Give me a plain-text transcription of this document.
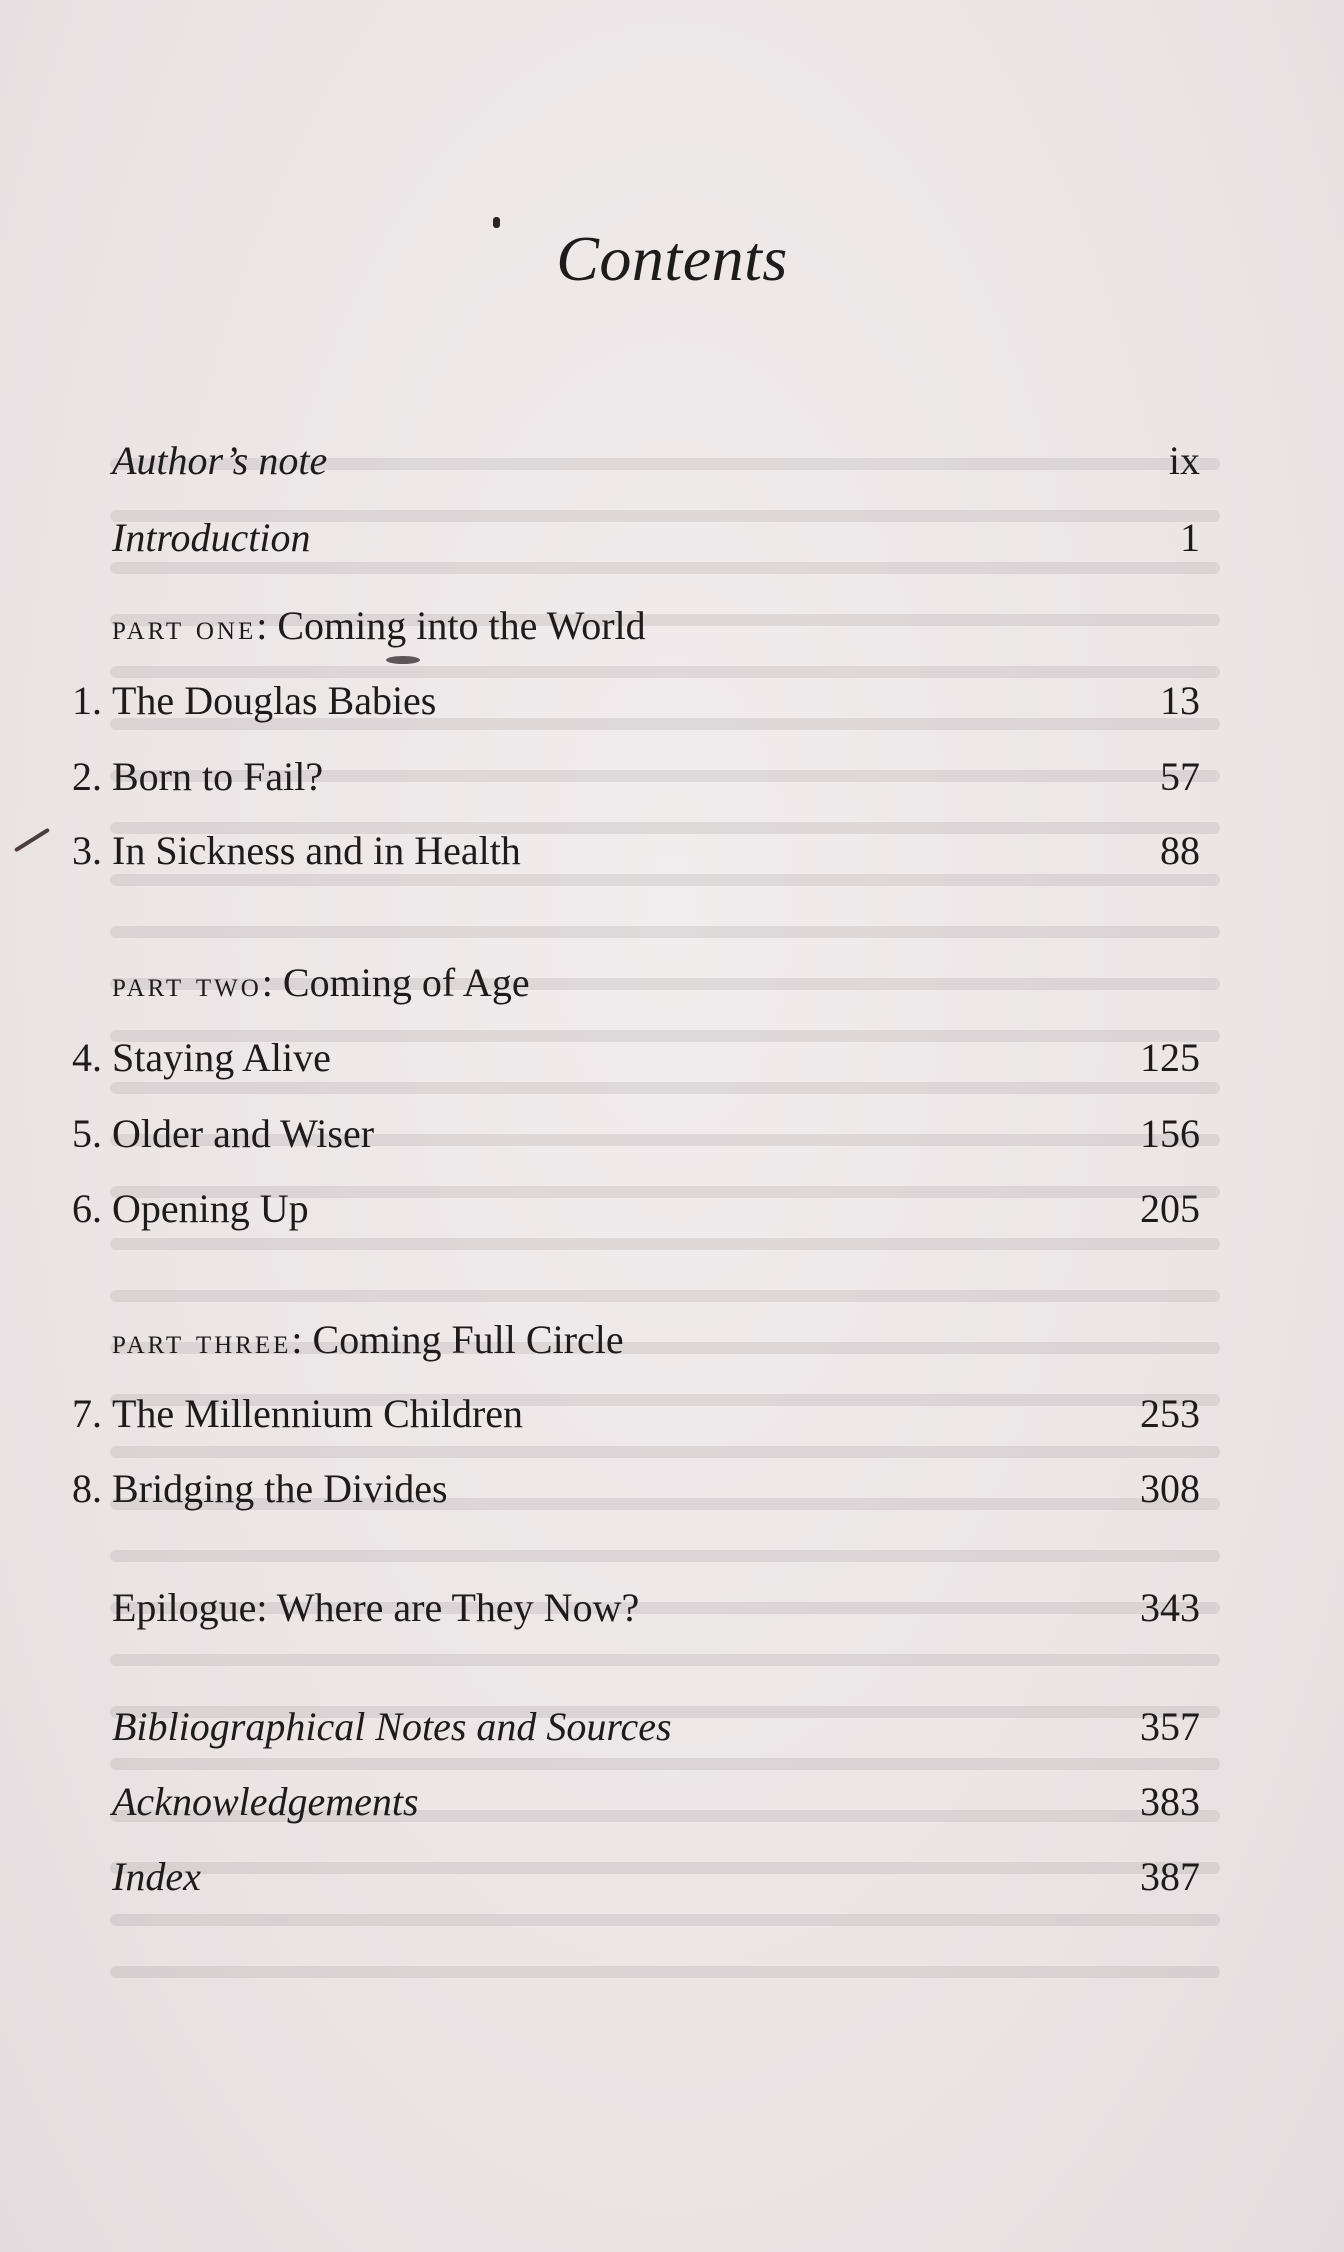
Contents
Author’s note	ix
Introduction	1
part one: Coming into the World
1. The Douglas Babies	13
2. Born to Fail?	57
3. In Sickness and in Health	88
part two: Coming of Age
4. Staying Alive	125
5. Older and Wiser	156
6. Opening Up	205
part three: Coming Full Circle
7. The Millennium Children	253
8. Bridging the Divides	308
Epilogue: Where are They Now?	343
Bibliographical Notes and Sources	357
Acknowledgements	383
Index	387
